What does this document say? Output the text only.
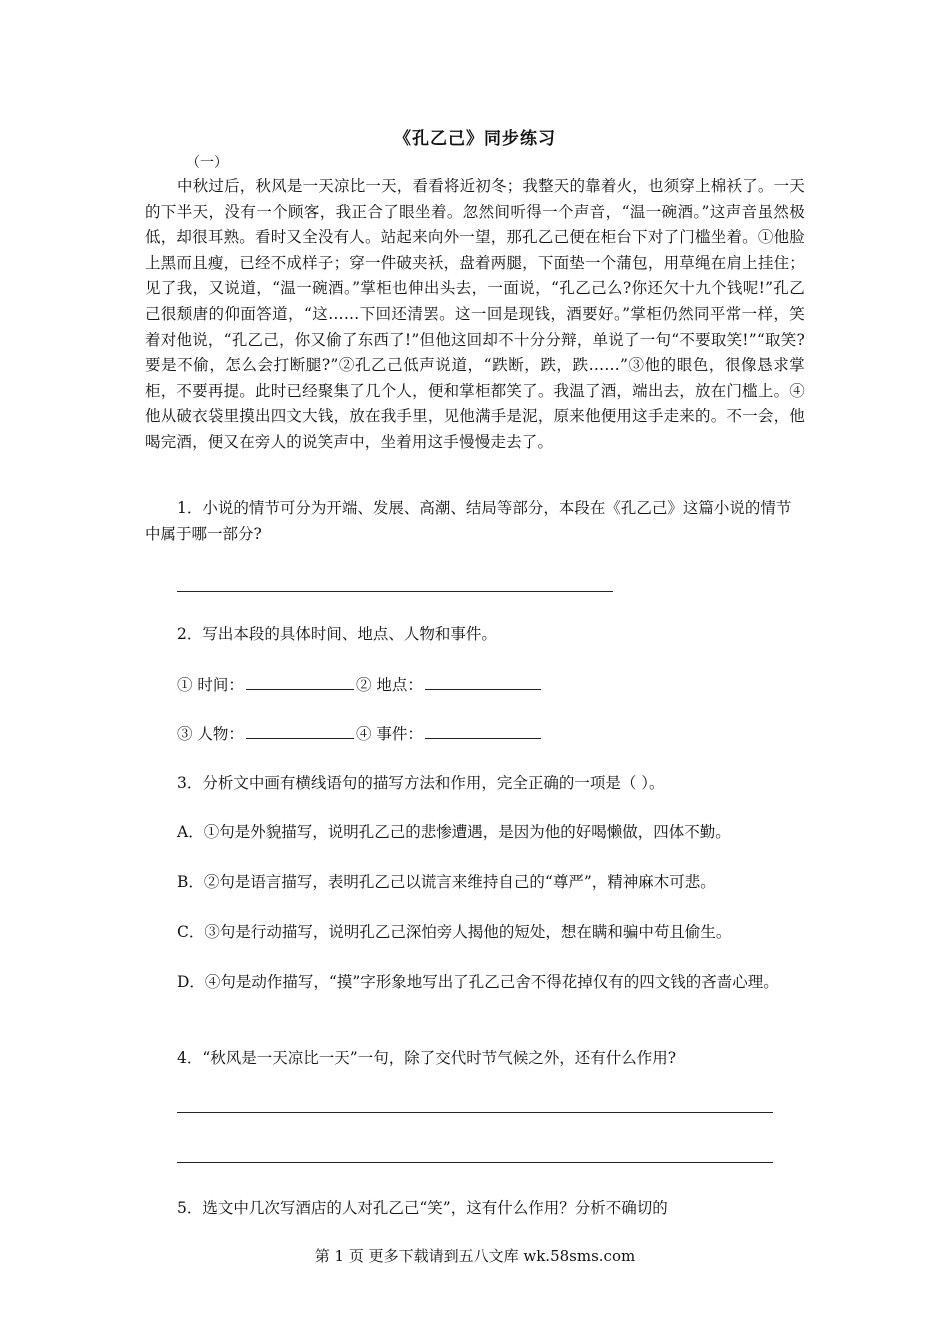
《孔乙己》同步练习
（一）
中秋过后，秋风是一天凉比一天，看看将近初冬；我整天的靠着火，也须穿上棉袄了。一天的下半天，没有一个顾客，我正合了眼坐着。忽然间听得一个声音，“温一碗酒。”这声音虽然极低，却很耳熟。看时又全没有人。站起来向外一望，那孔乙己便在柜台下对了门槛坐着。①他脸上黑而且瘦，已经不成样子；穿一件破夹袄，盘着两腿，下面垫一个蒲包，用草绳在肩上挂住；见了我，又说道，“温一碗酒。”掌柜也伸出头去，一面说，“孔乙己么?你还欠十九个钱呢!”孔乙己很颓唐的仰面答道，“这……下回还清罢。这一回是现钱，酒要好。”掌柜仍然同平常一样，笑着对他说，“孔乙己，你又偷了东西了!”但他这回却不十分分辩，单说了一句“不要取笑!”“取笑?要是不偷，怎么会打断腿?”②孔乙己低声说道，“跌断，跌，跌……”③他的眼色，很像恳求掌柜，不要再提。此时已经聚集了几个人，便和掌柜都笑了。我温了酒，端出去，放在门槛上。④他从破衣袋里摸出四文大钱，放在我手里，见他满手是泥，原来他便用这手走来的。不一会，他喝完酒，便又在旁人的说笑声中，坐着用这手慢慢走去了。
1．小说的情节可分为开端、发展、高潮、结局等部分，本段在《孔乙己》这篇小说的情节中属于哪一部分?
2．写出本段的具体时间、地点、人物和事件。
① 时间：	② 地点：
③ 人物：	④ 事件：
3．分析文中画有横线语句的描写方法和作用，完全正确的一项是（ ）。
A．①句是外貌描写，说明孔乙己的悲惨遭遇，是因为他的好喝懒做，四体不勤。
B．②句是语言描写，表明孔乙己以谎言来维持自己的“尊严”，精神麻木可悲。
C．③句是行动描写，说明孔乙己深怕旁人揭他的短处，想在瞒和骗中苟且偷生。
D．④句是动作描写，“摸”字形象地写出了孔乙己舍不得花掉仅有的四文钱的吝啬心理。
4．“秋风是一天凉比一天”一句，除了交代时节气候之外，还有什么作用?
5．选文中几次写酒店的人对孔乙己“笑”，这有什么作用？分析不确切的
第 1 页 更多下载请到五八文库 wk.58sms.com
